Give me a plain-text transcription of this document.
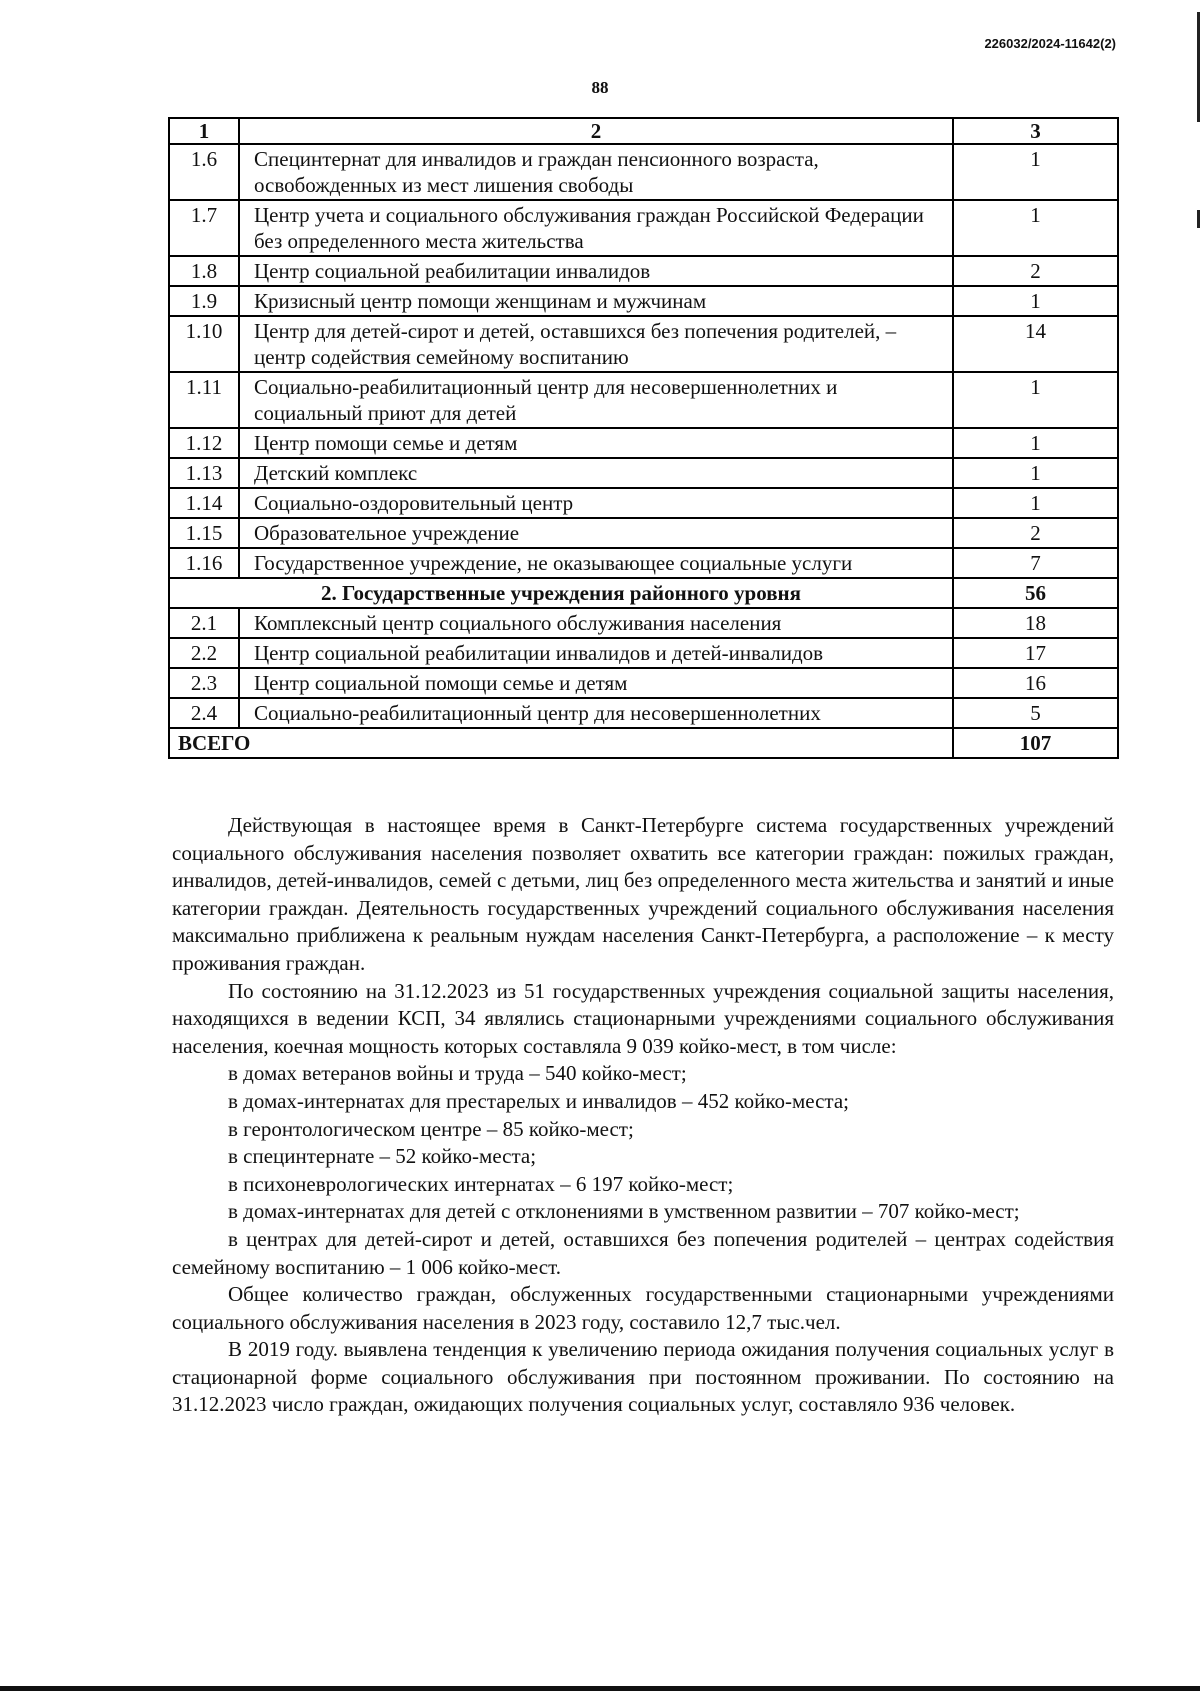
226032/2024-11642(2)
88
1	2	3
1.6	Специнтернат для инвалидов и граждан пенсионного возраста, освобожденных из мест лишения свободы	1
1.7	Центр учета и социального обслуживания граждан Российской Федерации без определенного места жительства	1
1.8	Центр социальной реабилитации инвалидов	2
1.9	Кризисный центр помощи женщинам и мужчинам	1
1.10	Центр для детей-сирот и детей, оставшихся без попечения родителей, – центр содействия семейному воспитанию	14
1.11	Социально-реабилитационный центр для несовершеннолетних и социальный приют для детей	1
1.12	Центр помощи семье и детям	1
1.13	Детский комплекс	1
1.14	Социально-оздоровительный центр	1
1.15	Образовательное учреждение	2
1.16	Государственное учреждение, не оказывающее социальные услуги	7
2. Государственные учреждения районного уровня		56
2.1	Комплексный центр социального обслуживания населения	18
2.2	Центр социальной реабилитации инвалидов и детей-инвалидов	17
2.3	Центр социальной помощи семье и детям	16
2.4	Социально-реабилитационный центр для несовершеннолетних	5
ВСЕГО		107

Действующая в настоящее время в Санкт-Петербурге система государственных учреждений социального обслуживания населения позволяет охватить все категории граждан: пожилых граждан, инвалидов, детей-инвалидов, семей с детьми, лиц без определенного места жительства и занятий и иные категории граждан. Деятельность государственных учреждений социального обслуживания населения максимально приближена к реальным нуждам населения Санкт-Петербурга, а расположение – к месту проживания граждан.

По состоянию на 31.12.2023 из 51 государственных учреждения социальной защиты населения, находящихся в ведении КСП, 34 являлись стационарными учреждениями социального обслуживания населения, коечная мощность которых составляла 9 039 койко-мест, в том числе:

в домах ветеранов войны и труда – 540 койко-мест;

в домах-интернатах для престарелых и инвалидов – 452 койко-места;

в геронтологическом центре – 85 койко-мест;

в специнтернате – 52 койко-места;

в психоневрологических интернатах – 6 197 койко-мест;

в домах-интернатах для детей с отклонениями в умственном развитии – 707 койко-мест;

в центрах для детей-сирот и детей, оставшихся без попечения родителей – центрах содействия семейному воспитанию – 1 006 койко-мест.

Общее количество граждан, обслуженных государственными стационарными учреждениями социального обслуживания населения в 2023 году, составило 12,7 тыс.чел.

В 2019 году. выявлена тенденция к увеличению периода ожидания получения социальных услуг в стационарной форме социального обслуживания при постоянном проживании. По состоянию на 31.12.2023 число граждан, ожидающих получения социальных услуг, составляло 936 человек.
